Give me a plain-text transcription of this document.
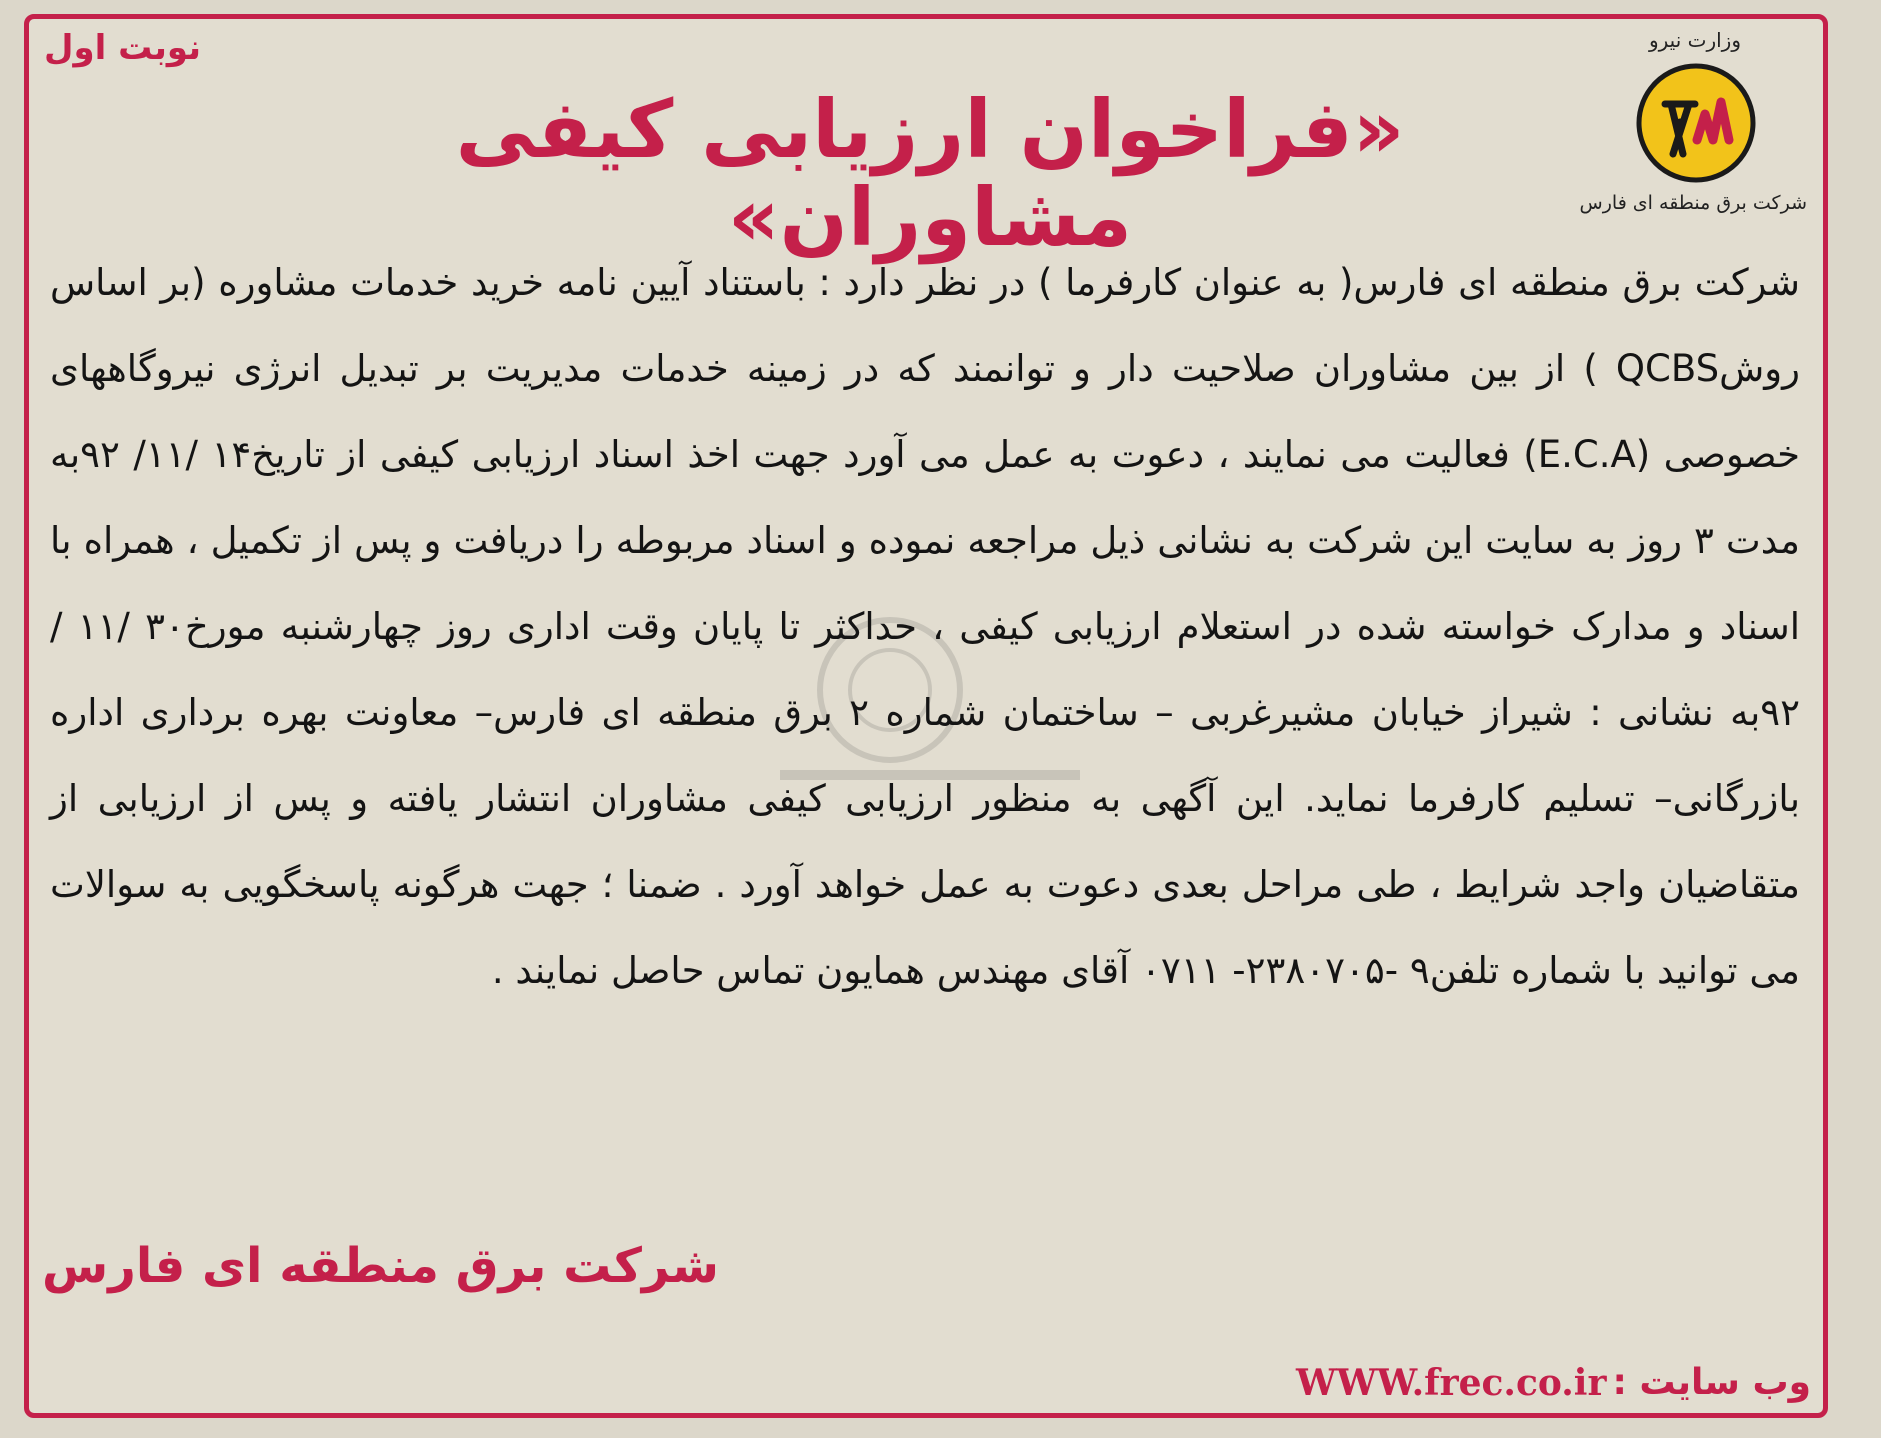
نوبت اول	وزارت نیرو
شرکت برق منطقه ای فارس
«فراخوان ارزیابی کیفی مشاوران»
شرکت برق منطقه ای فارس( به عنوان کارفرما ) در نظر دارد : باستناد آیین نامه خرید خدمات مشاوره (بر اساس روشQCBS ) از بین مشاوران صلاحیت دار و توانمند که در زمینه خدمات مدیریت بر تبدیل انرژی نیروگاههای خصوصی (E.C.A) فعالیت می نمایند ، دعوت به عمل می آورد جهت اخذ اسناد ارزیابی کیفی از تاریخ۱۴ /۱۱/ ۹۲به مدت ۳ روز به سایت این شرکت به نشانی ذیل مراجعه نموده و اسناد مربوطه را دریافت و پس از تکمیل ، همراه با اسناد و مدارک خواسته شده در استعلام ارزیابی کیفی ، حداکثر تا پایان وقت اداری روز چهارشنبه مورخ۳۰ /۱۱ /۹۲به نشانی : شیراز خیابان مشیرغربی – ساختمان شماره ۲ برق منطقه ای فارس– معاونت بهره برداری اداره بازرگانی– تسلیم کارفرما نماید. این آگهی به منظور ارزیابی کیفی مشاوران انتشار یافته و پس از ارزیابی از متقاضیان واجد شرایط ، طی مراحل بعدی دعوت به عمل خواهد آورد . ضمنا ؛ جهت هرگونه پاسخگویی به سوالات می توانید با شماره تلفن۹ -۲۳۸۰۷۰۵- ۰۷۱۱ آقای مهندس همایون تماس حاصل نمایند .
شرکت برق منطقه ای فارس
WWW.frec.co.ir وب سایت :
